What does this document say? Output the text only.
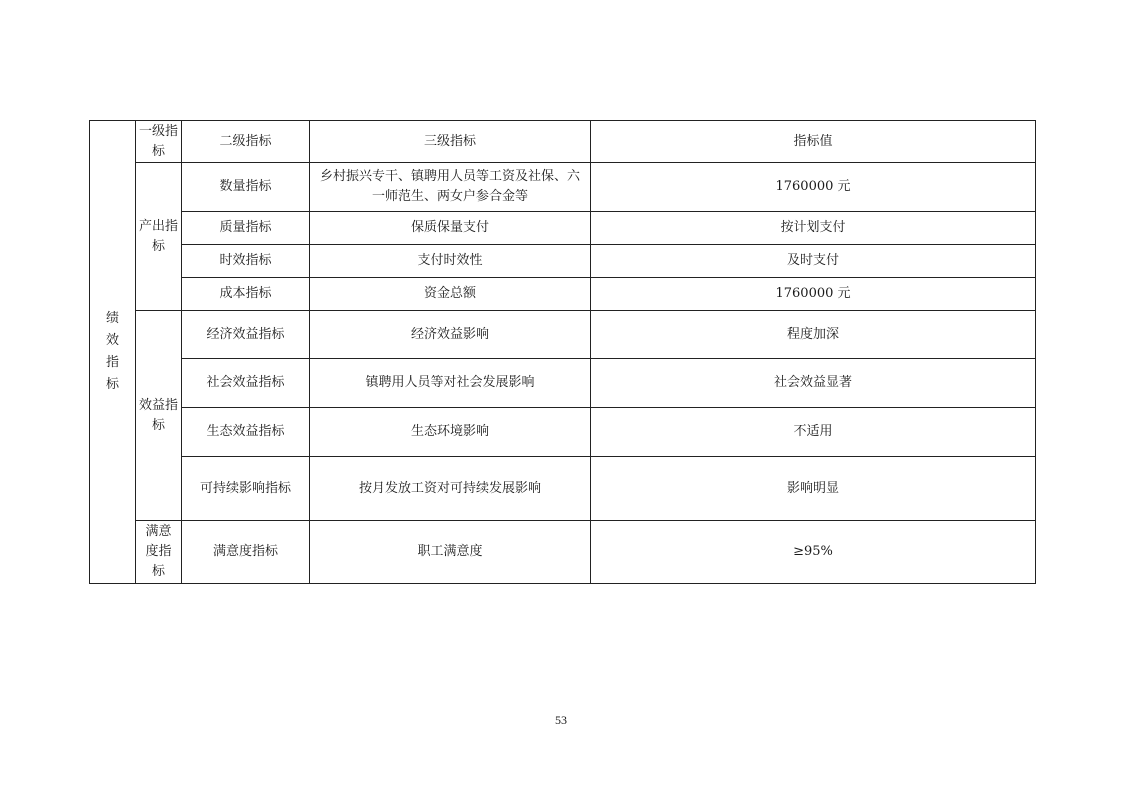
绩效指标	一级指标	二级指标	三级指标	指标值
	产出指标	数量指标	乡村振兴专干、镇聘用人员等工资及社保、六一师范生、两女户参合金等	1760000 元
		质量指标	保质保量支付	按计划支付
		时效指标	支付时效性	及时支付
		成本指标	资金总额	1760000 元
	效益指标	经济效益指标	经济效益影响	程度加深
		社会效益指标	镇聘用人员等对社会发展影响	社会效益显著
		生态效益指标	生态环境影响	不适用
		可持续影响指标	按月发放工资对可持续发展影响	影响明显
	满意度指标	满意度指标	职工满意度	≥95%
53
